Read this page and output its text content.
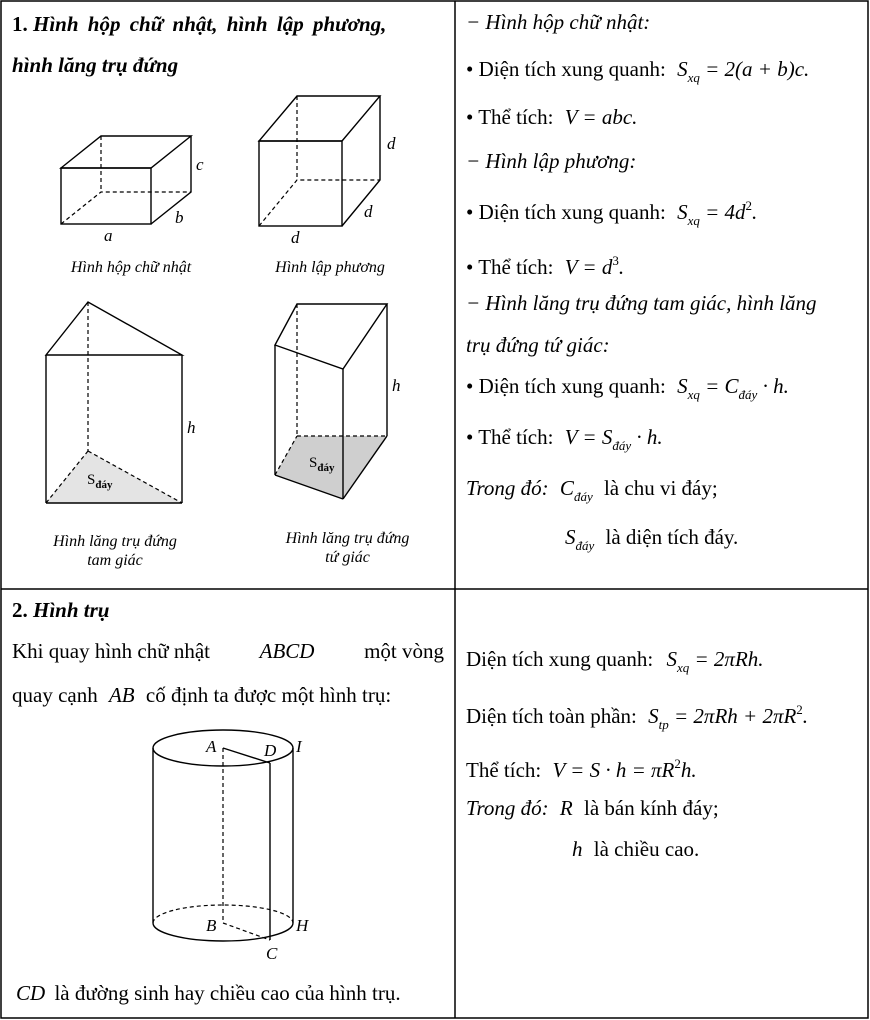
1. Hình hộp chữ nhật, hình lập phương,
hình lăng trụ đứng
a
b
c
d
d
d
h
h
$S_{đáy}$
$S_{đáy}$
Hình hộp chữ nhật	Hình lập phương
Hình lăng trụ đứng
tam giác
Hình lăng trụ đứng
tứ giác
− Hình hộp chữ nhật:
• Diện tích xung quanh: $S_{xq} = 2(a + b)c$.
• Thể tích: V = abc.
− Hình lập phương:
• Diện tích xung quanh: $S_{xq} = 4d^2$.
• Thể tích: $V = d^3$.
− Hình lăng trụ đứng tam giác, hình lăng
trụ đứng tứ giác:
• Diện tích xung quanh: $S_{xq} = C_{đáy} \cdot h$.
• Thể tích: $V = S_{đáy} \cdot h$.
Trong đó: $C_{đáy}$ là chu vi đáy;
$S_{đáy}$ là diện tích đáy.
2. Hình trụ
Khi quay hình chữ nhật ABCD một vòng
quay cạnh AB cố định ta được một hình trụ:
A	D I
B	H
C
CD là đường sinh hay chiều cao của hình trụ.
Diện tích xung quanh: $S_{xq} = 2\pi Rh$.
Diện tích toàn phần: $S_{tp} = 2\pi Rh + 2\pi R^2$.
Thể tích: $V = S \cdot h = \pi R^2h$.
Trong đó: R là bán kính đáy;
h là chiều cao.
